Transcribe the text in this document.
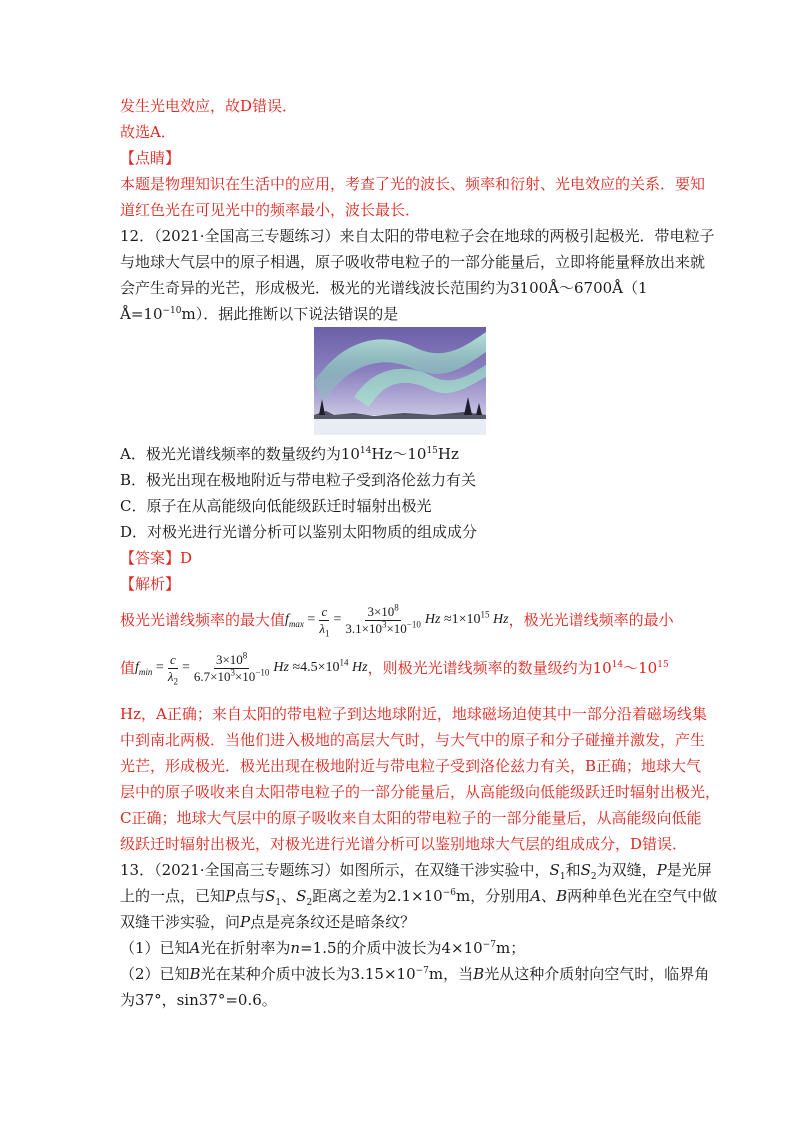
发生光电效应，故D错误．
故选A．
【点睛】
本题是物理知识在生活中的应用，考查了光的波长、频率和衍射、光电效应的关系．要知
道红色光在可见光中的频率最小，波长最长．
12．（2021·全国高三专题练习）来自太阳的带电粒子会在地球的两极引起极光．带电粒子
与地球大气层中的原子相遇，原子吸收带电粒子的一部分能量后，立即将能量释放出来就
会产生奇异的光芒，形成极光．极光的光谱线波长范围约为3100Å～6700Å（1
$Å=10^{-10}m$）．据此推断以下说法错误的是
A．极光光谱线频率的数量级约为$10^{14}Hz\sim 10^{15}Hz$
B．极光出现在极地附近与带电粒子受到洛伦兹力有关
C．原子在从高能级向低能级跃迁时辐射出极光
D．对极光进行光谱分析可以鉴别太阳物质的组成成分
【答案】D
【解析】
极光光谱线频率的最大值 $f_{max} = \frac{c}{\lambda_1} = \frac{3\times 10^8}{3.1\times 10^3\times 10^{-10}}$ $Hz \approx 1\times 10^{15}$ Hz ，极光光谱线频率的最小
值 $f_{min} = \frac{c}{\lambda_2} = \frac{3\times 10^8}{6.7\times 10^3\times 10^{-10}}$ $Hz \approx 4.5\times 10^{14}$ Hz ，则极光光谱线频率的数量级约为$10^{14}\sim 10^{15}$
Hz，A正确；来自太阳的带电粒子到达地球附近，地球磁场迫使其中一部分沿着磁场线集
中到南北两极．当他们进入极地的高层大气时，与大气中的原子和分子碰撞并激发，产生
光芒，形成极光．极光出现在极地附近与带电粒子受到洛伦兹力有关，B正确；地球大气
层中的原子吸收来自太阳带电粒子的一部分能量后，从高能级向低能级跃迁时辐射出极光，
C正确；地球大气层中的原子吸收来自太阳的带电粒子的一部分能量后，从高能级向低能
级跃迁时辐射出极光，对极光进行光谱分析可以鉴别地球大气层的组成成分，D错误．
13．（2021·全国高三专题练习）如图所示，在双缝干涉实验中，$S_1$和$S_2$为双缝，P是光屏
上的一点，已知P点与$S_1$、$S_2$距离之差为$2.1\times 10^{-6}m$，分别用A、B两种单色光在空气中做
双缝干涉实验，问P点是亮条纹还是暗条纹？
（1）已知A光在折射率为n=1.5的介质中波长为$4\times 10^{-7}m$；
（2）已知B光在某种介质中波长为$3.15\times 10^{-7}m$，当B光从这种介质射向空气时，临界角
为37°，sin37°=0.6。
